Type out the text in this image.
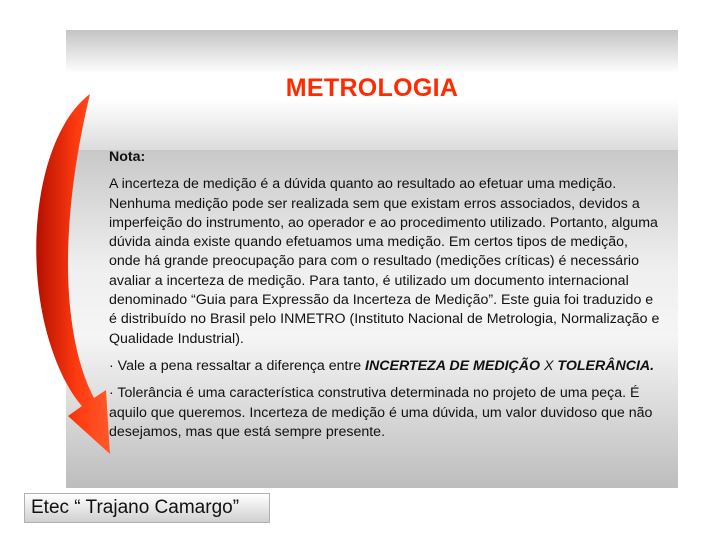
METROLOGIA

Nota:

A incerteza de medição é a dúvida quanto ao resultado ao efetuar uma medição. Nenhuma medição pode ser realizada sem que existam erros associados, devidos a imperfeição do instrumento, ao operador e ao procedimento utilizado. Portanto, alguma dúvida ainda existe quando efetuamos uma medição. Em certos tipos de medição, onde há grande preocupação para com o resultado (medições críticas) é necessário avaliar a incerteza de medição. Para tanto, é utilizado um documento internacional denominado “Guia para Expressão da Incerteza de Medição”. Este guia foi traduzido e é distribuído no Brasil pelo INMETRO (Instituto Nacional de Metrologia, Normalização e Qualidade Industrial).

· Vale a pena ressaltar a diferença entre INCERTEZA DE MEDIÇÃO X TOLERÂNCIA.

· Tolerância é uma característica construtiva determinada no projeto de uma peça. É aquilo que queremos. Incerteza de medição é uma dúvida, um valor duvidoso que não desejamos, mas que está sempre presente.

Etec “ Trajano Camargo”
